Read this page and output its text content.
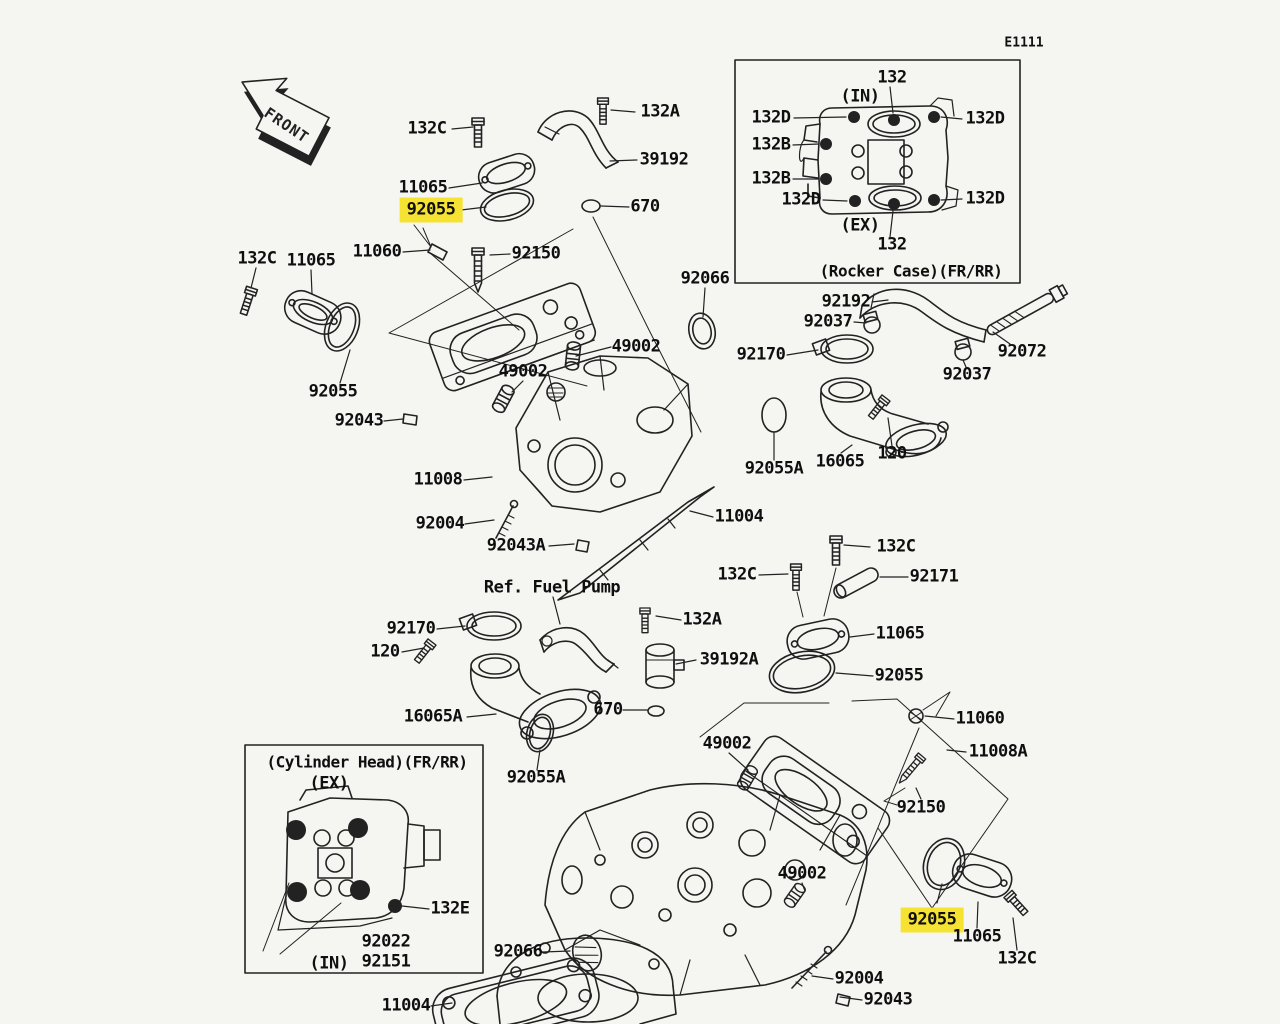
FRONT
E1111
(Rocker Case)(FR/RR)
(Cylinder Head)(FR/RR)
132C
132A
39192
11065
92055	670
132C 11065 11060	92150
92055
92043
92066
49002
49002
11008
92004
92043A
11004
Ref. Fuel Pump
92192
92037
92170	92072
92037
92055A 16065 120
132
(IN)
132D	132D
132B
132B
132D	132D
(EX)
132
92170
120
16065A
92055A
670
132A
39192A
49002
(EX)
132E
92022
(IN) 92151
132C
132C	92171
11065
92055
11060
11008A
92150
92055
11065
132C
92004
92043
49002
92066
11004
